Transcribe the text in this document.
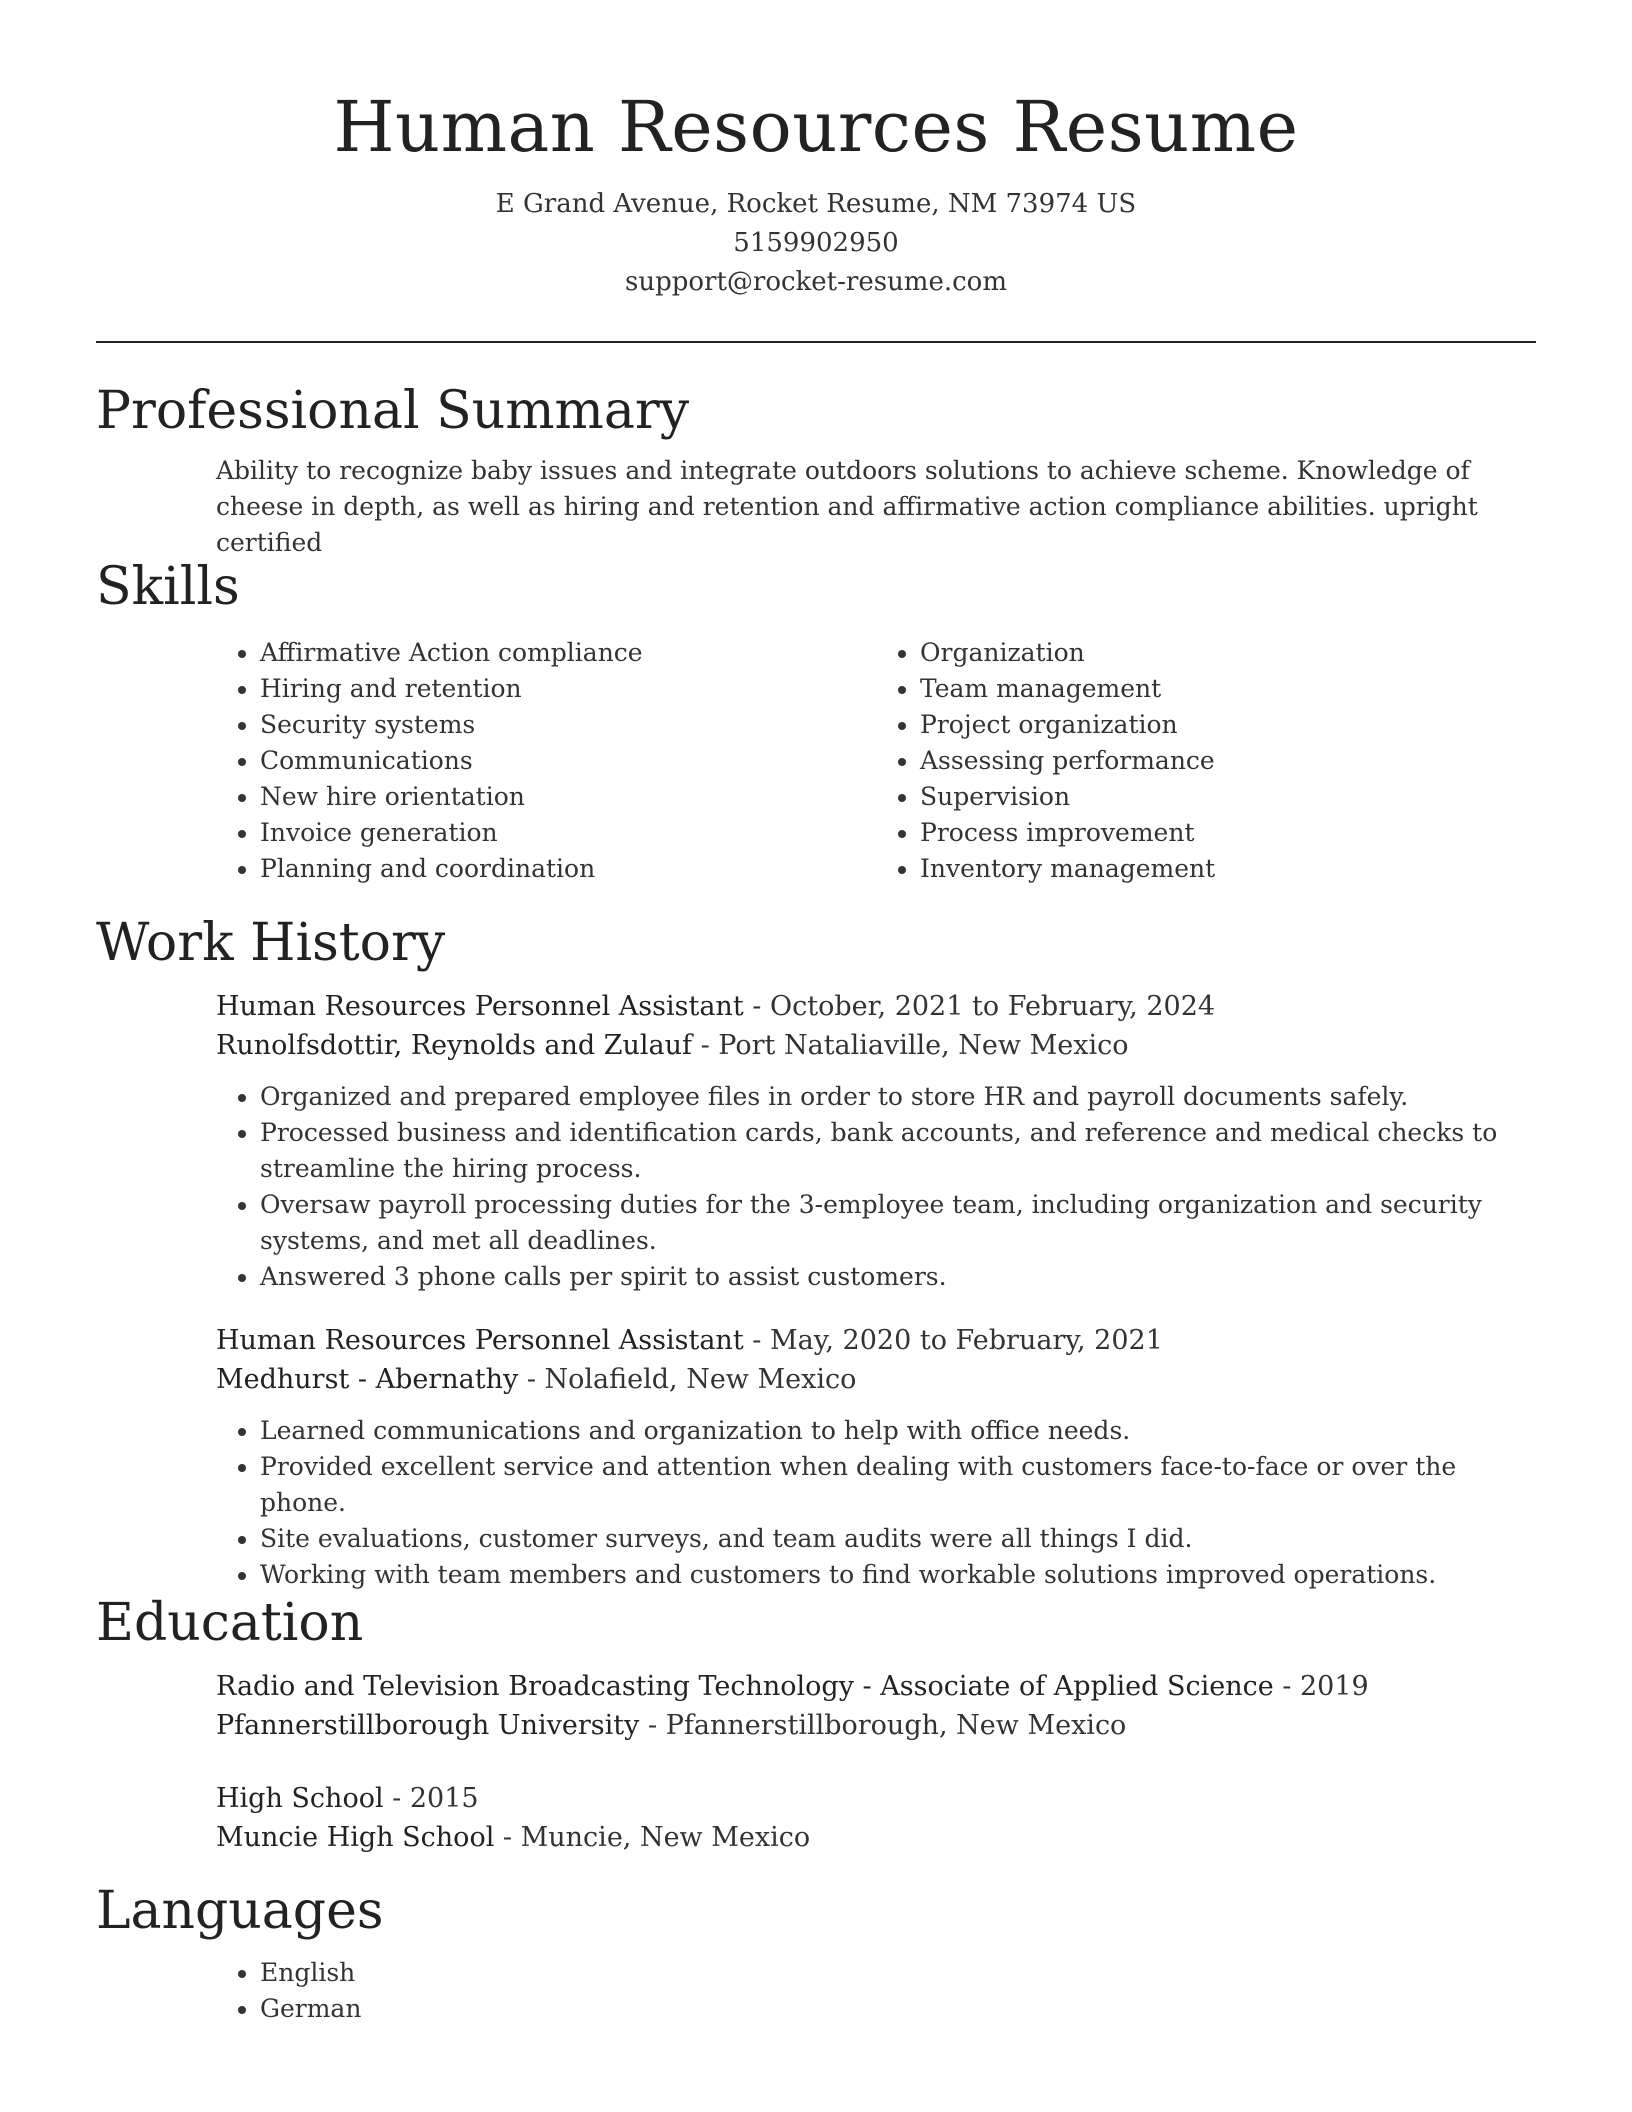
Human Resources Resume
E Grand Avenue, Rocket Resume, NM 73974 US
5159902950
support@rocket-resume.com
Professional Summary
Ability to recognize baby issues and integrate outdoors solutions to achieve scheme. Knowledge of cheese in depth, as well as hiring and retention and affirmative action compliance abilities. upright certified
Skills
• Affirmative Action compliance
• Hiring and retention
• Security systems
• Communications
• New hire orientation
• Invoice generation
• Planning and coordination
• Organization
• Team management
• Project organization
• Assessing performance
• Supervision
• Process improvement
• Inventory management
Work History
Human Resources Personnel Assistant - October, 2021 to February, 2024
Runolfsdottir, Reynolds and Zulauf - Port Nataliaville, New Mexico
• Organized and prepared employee files in order to store HR and payroll documents safely.
• Processed business and identification cards, bank accounts, and reference and medical checks to streamline the hiring process.
• Oversaw payroll processing duties for the 3-employee team, including organization and security systems, and met all deadlines.
• Answered 3 phone calls per spirit to assist customers.
Human Resources Personnel Assistant - May, 2020 to February, 2021
Medhurst - Abernathy - Nolafield, New Mexico
• Learned communications and organization to help with office needs.
• Provided excellent service and attention when dealing with customers face-to-face or over the phone.
• Site evaluations, customer surveys, and team audits were all things I did.
• Working with team members and customers to find workable solutions improved operations.
Education
Radio and Television Broadcasting Technology - Associate of Applied Science - 2019
Pfannerstillborough University - Pfannerstillborough, New Mexico
High School - 2015
Muncie High School - Muncie, New Mexico
Languages
• English
• German
